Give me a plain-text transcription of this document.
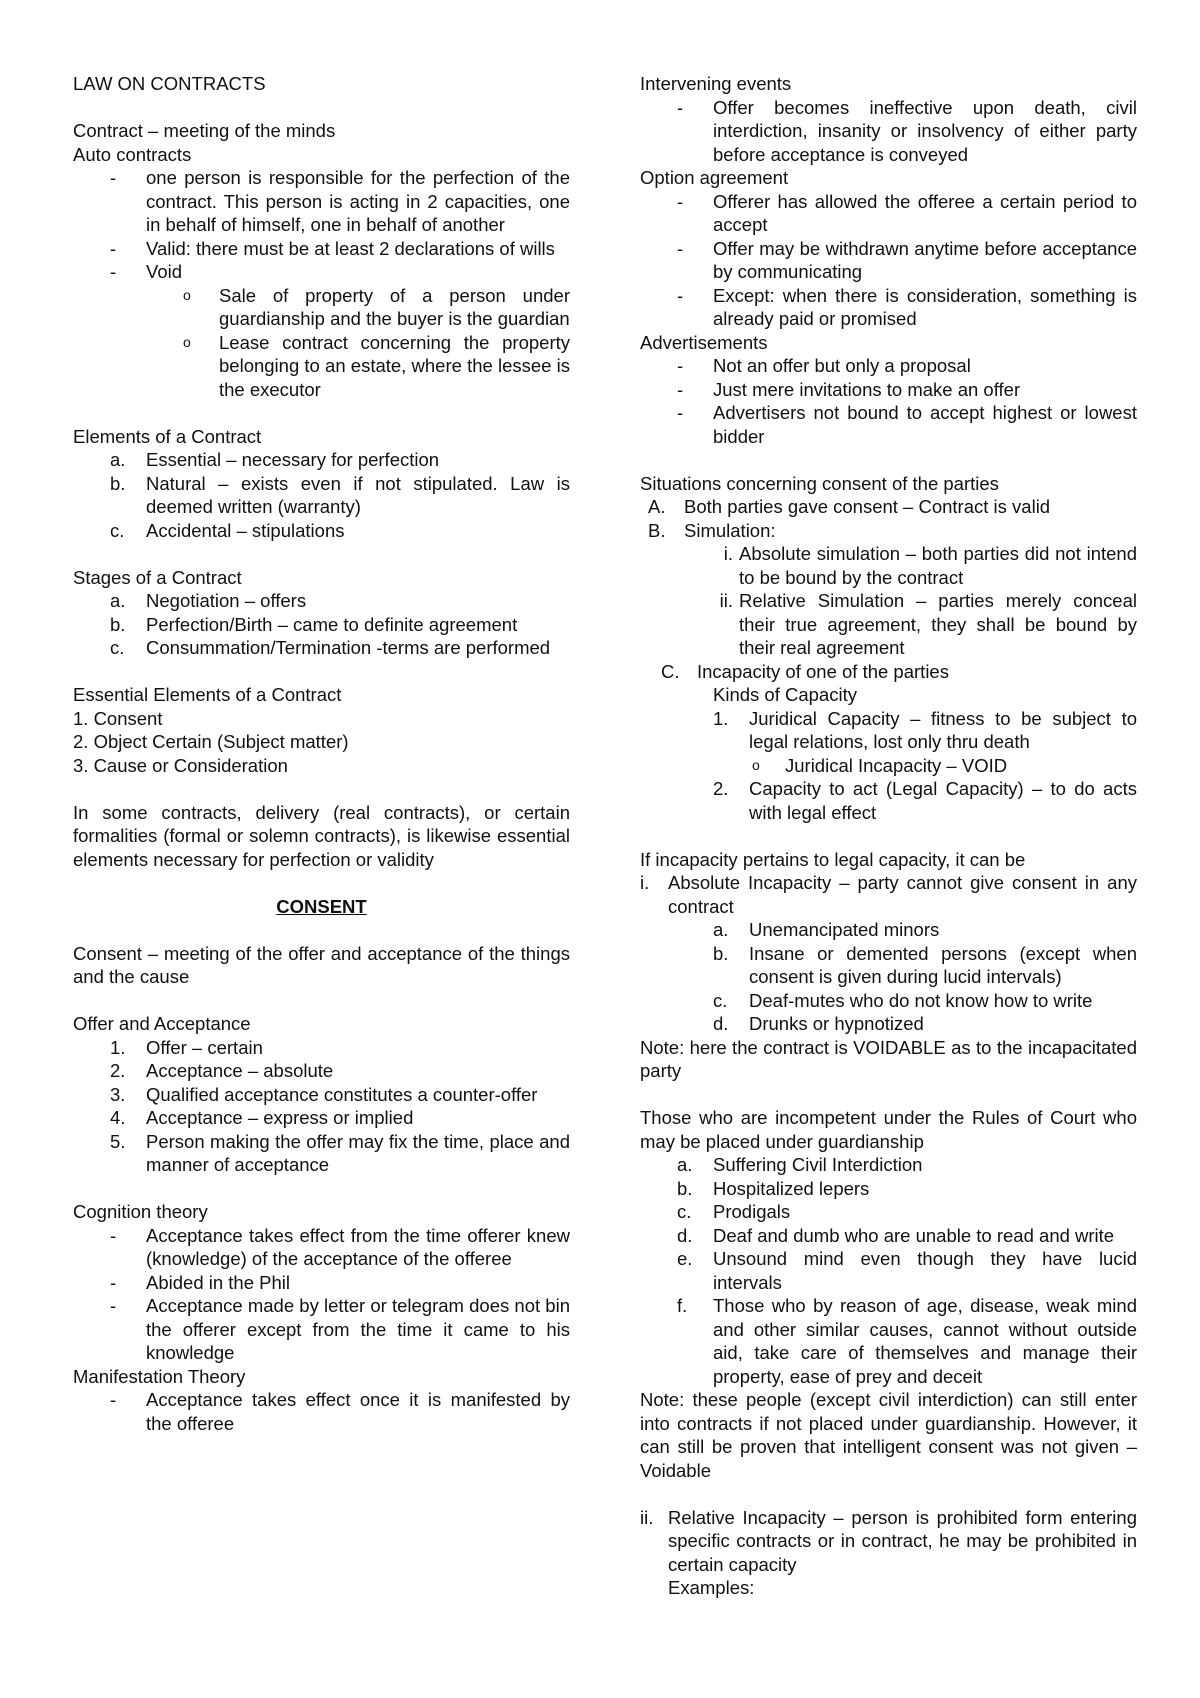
LAW ON CONTRACTS

Contract – meeting of the minds

Auto contracts

-	one person is responsible for the perfection of the contract. This person is acting in 2 capacities, one in behalf of himself, one in behalf of another
-	Valid: there must be at least 2 declarations of wills
-	Void
o	Sale of property of a person under guardianship and the buyer is the guardian
o	Lease contract concerning the property belonging to an estate, where the lessee is the executor

Elements of a Contract

a.	Essential – necessary for perfection
b.	Natural – exists even if not stipulated. Law is deemed written (warranty)
c.	Accidental – stipulations

Stages of a Contract

a.	Negotiation – offers
b.	Perfection/Birth – came to definite agreement
c.	Consummation/Termination -terms are performed

Essential Elements of a Contract

1. Consent

2. Object Certain (Subject matter)

3. Cause or Consideration

In some contracts, delivery (real contracts), or certain formalities (formal or solemn contracts), is likewise essential elements necessary for perfection or validity

CONSENT

Consent – meeting of the offer and acceptance of the things and the cause

Offer and Acceptance

1.	Offer – certain
2.	Acceptance – absolute
3.	Qualified acceptance constitutes a counter-offer
4.	Acceptance – express or implied
5.	Person making the offer may fix the time, place and manner of acceptance

Cognition theory

-	Acceptance takes effect from the time offerer knew (knowledge) of the acceptance of the offeree
-	Abided in the Phil
-	Acceptance made by letter or telegram does not bin the offerer except from the time it came to his knowledge

Manifestation Theory

-	Acceptance takes effect once it is manifested by the offeree

Intervening events

-	Offer becomes ineffective upon death, civil interdiction, insanity or insolvency of either party before acceptance is conveyed

Option agreement

-	Offerer has allowed the offeree a certain period to accept
-	Offer may be withdrawn anytime before acceptance by communicating
-	Except: when there is consideration, something is already paid or promised

Advertisements

-	Not an offer but only a proposal
-	Just mere invitations to make an offer
-	Advertisers not bound to accept highest or lowest bidder

Situations concerning consent of the parties

A.	Both parties gave consent – Contract is valid
B.	Simulation:
i. Absolute simulation – both parties did not intend to be bound by the contract
ii. Relative Simulation – parties merely conceal their true agreement, they shall be bound by their real agreement
C. Incapacity of one of the parties

Kinds of Capacity

1.	Juridical Capacity – fitness to be subject to legal relations, lost only thru death
o	Juridical Incapacity – VOID
2.	Capacity to act (Legal Capacity) – to do acts with legal effect

If incapacity pertains to legal capacity, it can be

i.	Absolute Incapacity – party cannot give consent in any contract
a.	Unemancipated minors
b.	Insane or demented persons (except when consent is given during lucid intervals)
c.	Deaf-mutes who do not know how to write
d.	Drunks or hypnotized

Note: here the contract is VOIDABLE as to the incapacitated party

Those who are incompetent under the Rules of Court who may be placed under guardianship

a.	Suffering Civil Interdiction
b.	Hospitalized lepers
c.	Prodigals
d.	Deaf and dumb who are unable to read and write
e.	Unsound mind even though they have lucid intervals
f.	Those who by reason of age, disease, weak mind and other similar causes, cannot without outside aid, take care of themselves and manage their property, ease of prey and deceit

Note: these people (except civil interdiction) can still enter into contracts if not placed under guardianship. However, it can still be proven that intelligent consent was not given – Voidable

ii. Relative Incapacity – person is prohibited form entering specific contracts or in contract, he may be prohibited in certain capacity

Examples:
